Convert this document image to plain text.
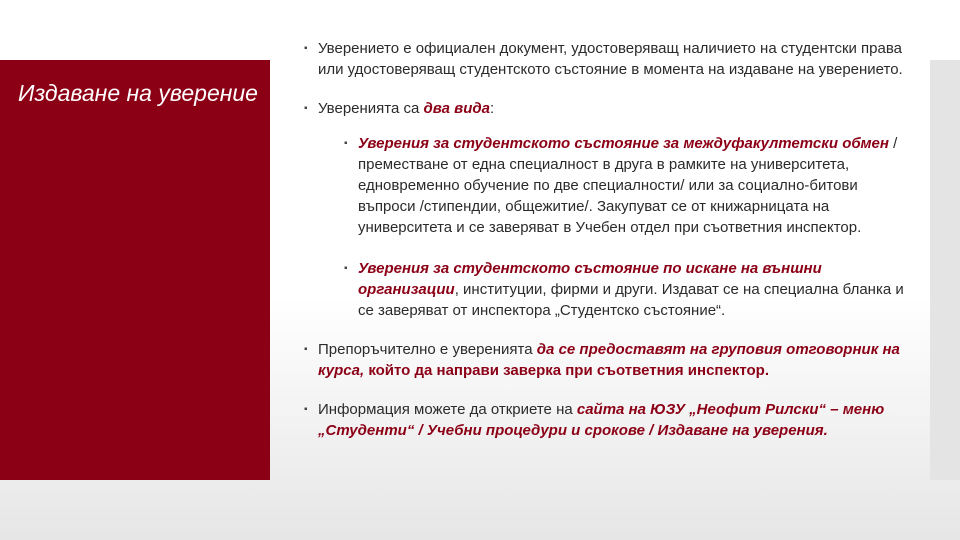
Издаване на уверение
▪ Уверението е официален документ, удостоверяващ наличието на студентски права или удостоверяващ студентското състояние в момента на издаване на уверението.
▪ Уверенията са два вида:
▪ Уверения за студентското състояние за междуфакултетски обмен /преместване от една специалност в друга в рамките на университета, едновременно обучение по две специалности/ или за социално-битови въпроси /стипендии, общежитие/. Закупуват се от книжарницата на университета и се заверяват в Учебен отдел при съответния инспектор.
▪ Уверения за студентското състояние по искане на външни организации, институции, фирми и други. Издават се на специална бланка и се заверяват от инспектора „Студентско състояние“.
▪ Препоръчително е уверенията да се предоставят на груповия отговорник на курса, който да направи заверка при съответния инспектор.
▪ Информация можете да откриете на сайта на ЮЗУ „Неофит Рилски“ – меню „Студенти“ / Учебни процедури и срокове / Издаване на уверения.
